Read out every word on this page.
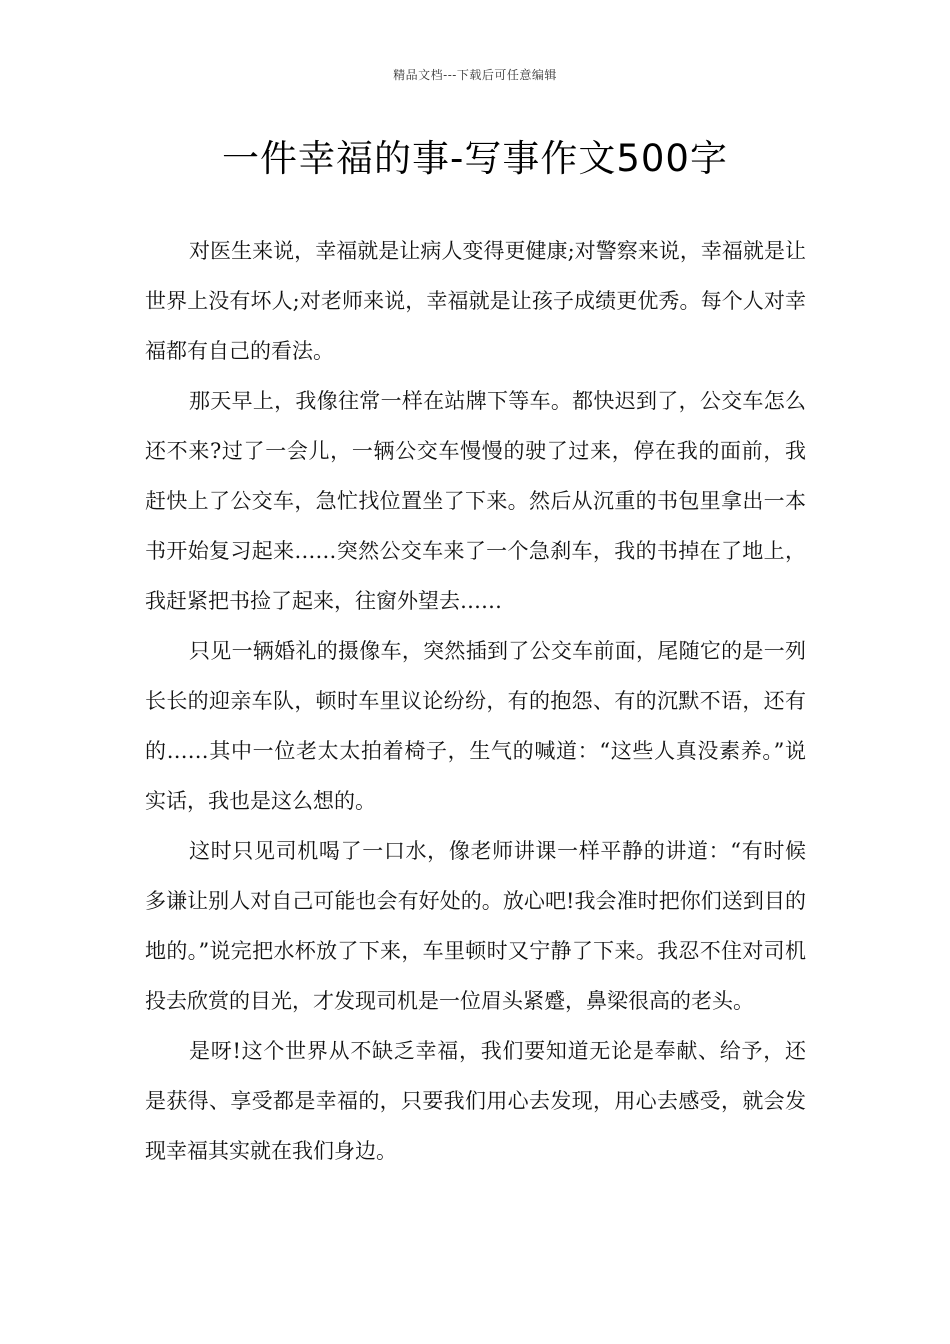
精品文档---下载后可任意编辑
一件幸福的事-写事作文500字

对医生来说，幸福就是让病人变得更健康;对警察来说，幸福就是让世界上没有坏人;对老师来说，幸福就是让孩子成绩更优秀。每个人对幸福都有自己的看法。

那天早上，我像往常一样在站牌下等车。都快迟到了，公交车怎么还不来?过了一会儿，一辆公交车慢慢的驶了过来，停在我的面前，我赶快上了公交车，急忙找位置坐了下来。然后从沉重的书包里拿出一本书开始复习起来……突然公交车来了一个急刹车，我的书掉在了地上，我赶紧把书捡了起来，往窗外望去……

只见一辆婚礼的摄像车，突然插到了公交车前面，尾随它的是一列长长的迎亲车队，顿时车里议论纷纷，有的抱怨、有的沉默不语，还有的……其中一位老太太拍着椅子，生气的喊道：“这些人真没素养。”说实话，我也是这么想的。

这时只见司机喝了一口水，像老师讲课一样平静的讲道：“有时候多谦让别人对自己可能也会有好处的。放心吧!我会准时把你们送到目的地的。”说完把水杯放了下来，车里顿时又宁静了下来。我忍不住对司机投去欣赏的目光，才发现司机是一位眉头紧蹙，鼻梁很高的老头。

是呀!这个世界从不缺乏幸福，我们要知道无论是奉献、给予，还是获得、享受都是幸福的，只要我们用心去发现，用心去感受，就会发现幸福其实就在我们身边。
